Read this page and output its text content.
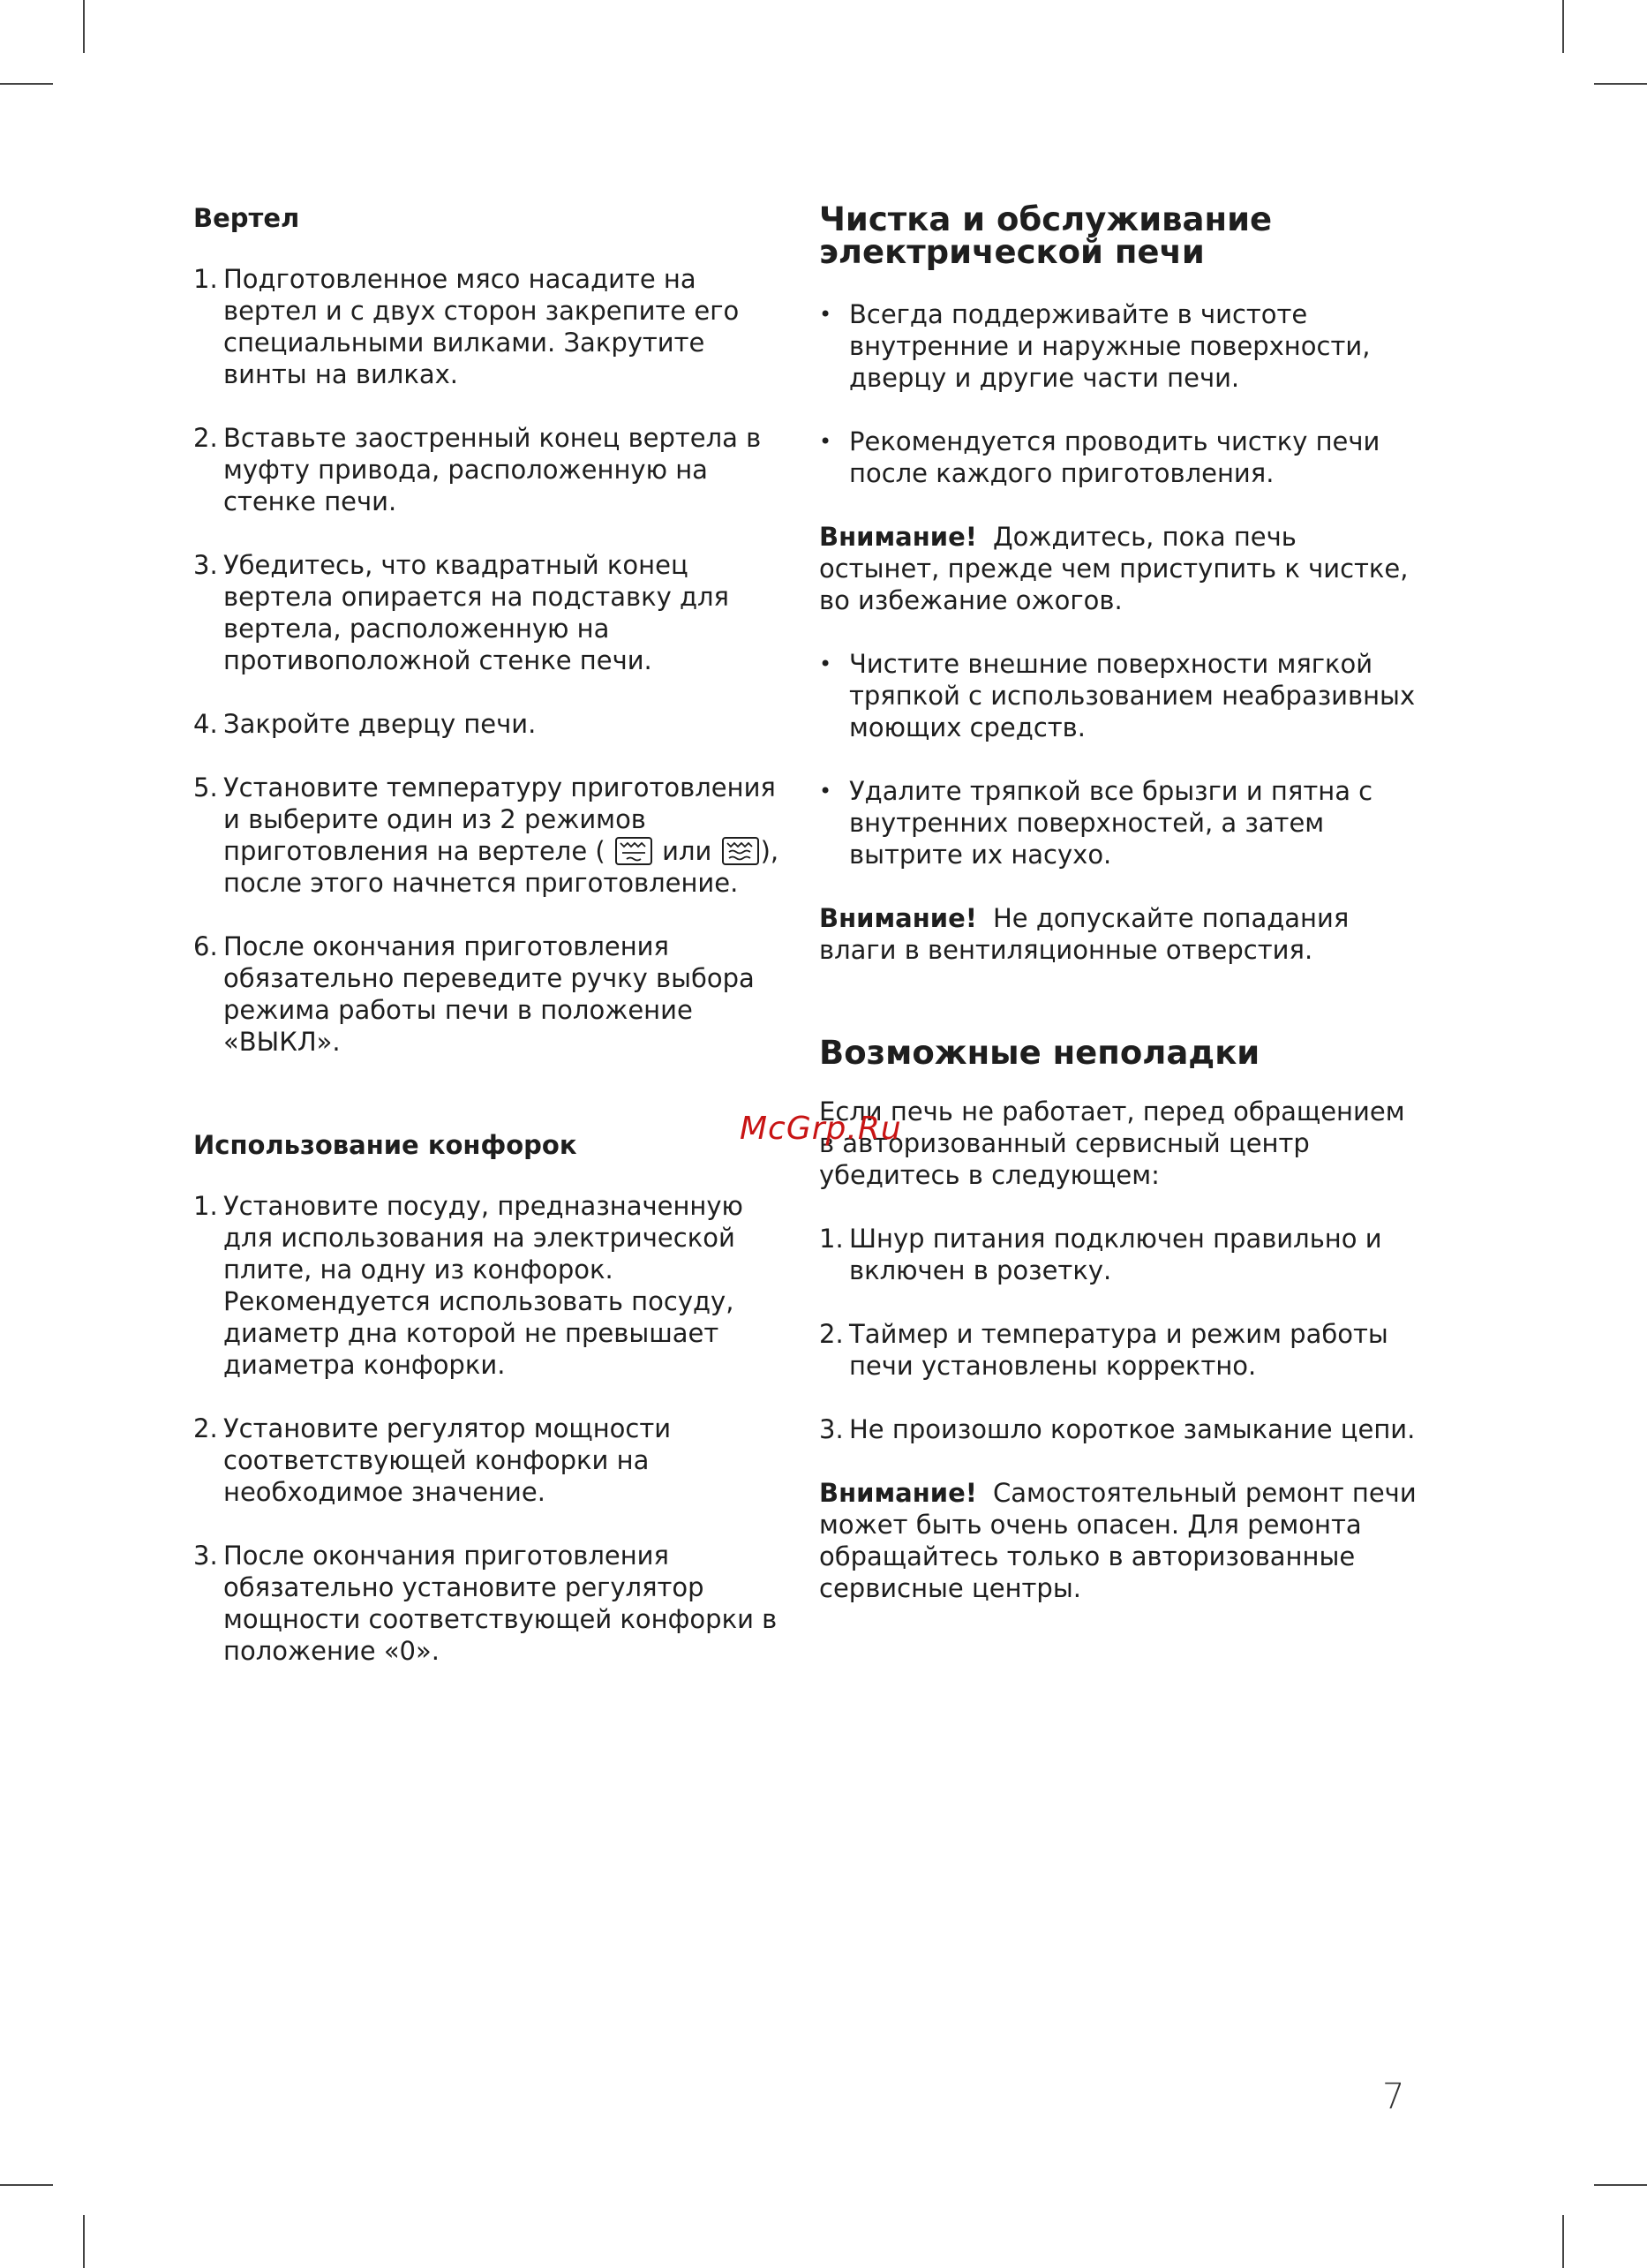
Вертел
1. Подготовленное мясо насадите на вертел и с двух сторон закрепите его специальными вилками. Закрутите винты на вилках.
2. Вставьте заостренный конец вертела в муфту привода, расположенную на стенке печи.
3. Убедитесь, что квадратный конец вертела опирается на подставку для вертела, расположенную на противоположной стенке печи.
4. Закройте дверцу печи.
5. Установите температуру приготовления и выберите один из 2 режимов приготовления на вертеле ( или ), после этого начнется приготовление.
6. После окончания приготовления обязательно переведите ручку выбора режима работы печи в положение «ВЫКЛ».
Использование конфорок
1. Установите посуду, предназначенную для использования на электрической плите, на одну из конфорок. Рекомендуется использовать посуду, диаметр дна которой не превышает диаметра конфорки.
2. Установите регулятор мощности соответствующей конфорки на необходимое значение.
3. После окончания приготовления обязательно установите регулятор мощности соответствующей конфорки в положение «0».
Чистка и обслуживание электрической печи
• Всегда поддерживайте в чистоте внутренние и наружные поверхности, дверцу и другие части печи.
• Рекомендуется проводить чистку печи после каждого приготовления.
Внимание! Дождитесь, пока печь остынет, прежде чем приступить к чистке, во избежание ожогов.
• Чистите внешние поверхности мягкой тряпкой с использованием неабразивных моющих средств.
• Удалите тряпкой все брызги и пятна с внутренних поверхностей, а затем вытрите их насухо.
Внимание! Не допускайте попадания влаги в вентиляционные отверстия.
Возможные неполадки
Если печь не работает, перед обращением в авторизованный сервисный центр убедитесь в следующем:
1. Шнур питания подключен правильно и включен в розетку.
2. Таймер и температура и режим работы печи установлены корректно.
3. Не произошло короткое замыкание цепи.
Внимание! Самостоятельный ремонт печи может быть очень опасен. Для ремонта обращайтесь только в авторизованные сервисные центры.
McGrp.Ru
7
